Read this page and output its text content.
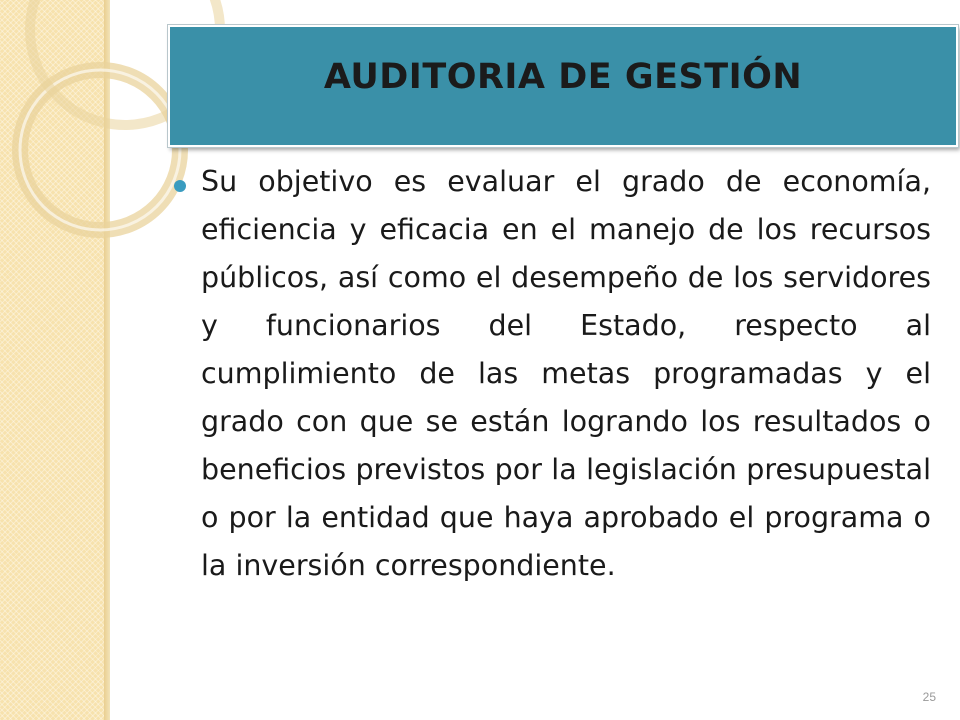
AUDITORIA DE GESTIÓN

Su objetivo es evaluar el grado de economía, eficiencia y eficacia en el manejo de los recursos públicos, así como el desempeño de los servidores y funcionarios del Estado, respecto al cumplimiento de las metas programadas y el grado con que se están logrando los resultados o beneficios previstos por la legislación presupuestal o por la entidad que haya aprobado el programa o la inversión correspondiente.

25
